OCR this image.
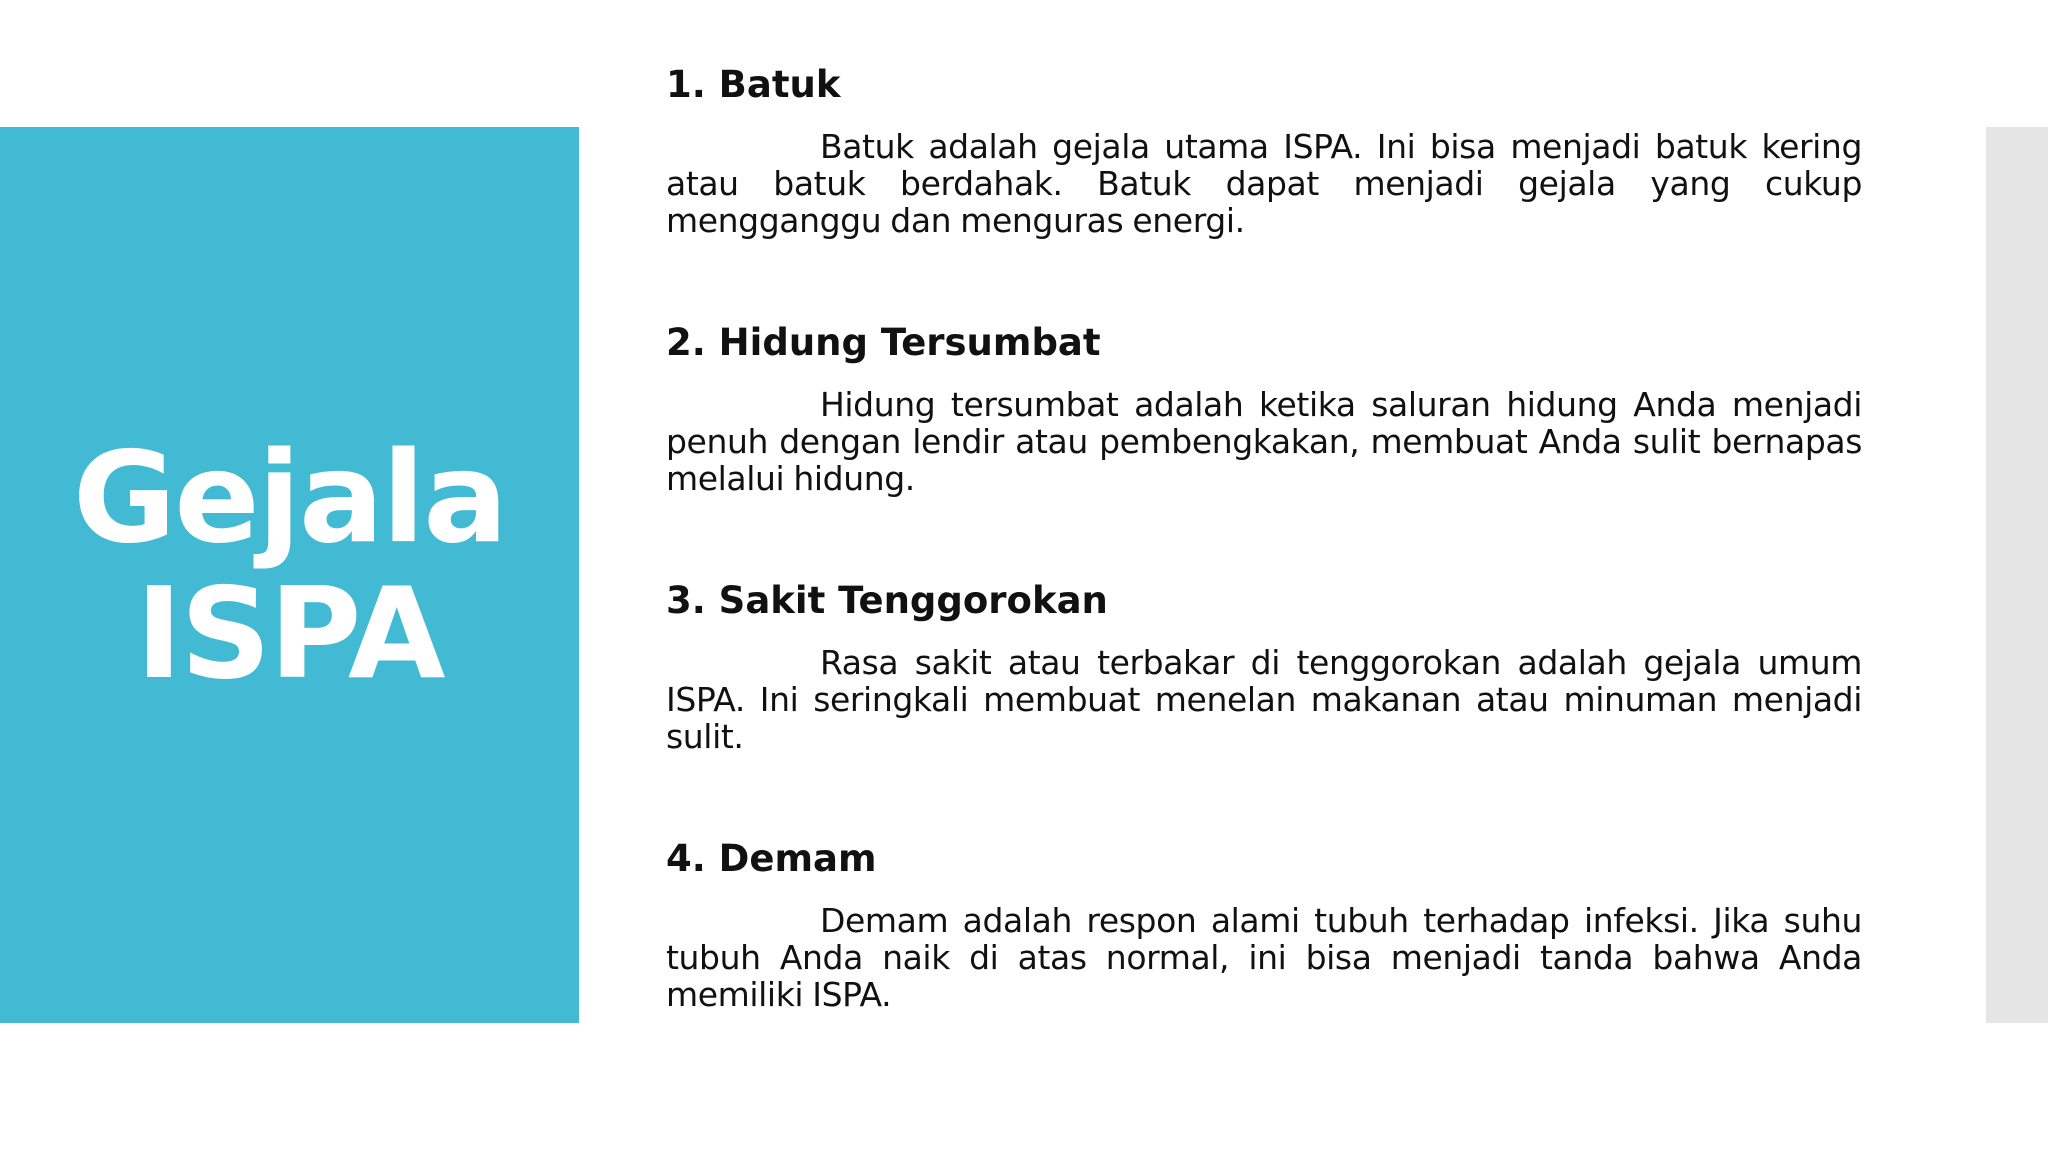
Gejala
ISPA

1. Batuk

Batuk adalah gejala utama ISPA. Ini bisa menjadi batuk kering atau batuk berdahak. Batuk dapat menjadi gejala yang cukup mengganggu dan menguras energi.

2. Hidung Tersumbat

Hidung tersumbat adalah ketika saluran hidung Anda menjadi penuh dengan lendir atau pembengkakan, membuat Anda sulit bernapas melalui hidung.

3. Sakit Tenggorokan

Rasa sakit atau terbakar di tenggorokan adalah gejala umum ISPA. Ini seringkali membuat menelan makanan atau minuman menjadi sulit.

4. Demam

Demam adalah respon alami tubuh terhadap infeksi. Jika suhu tubuh Anda naik di atas normal, ini bisa menjadi tanda bahwa Anda memiliki ISPA.
